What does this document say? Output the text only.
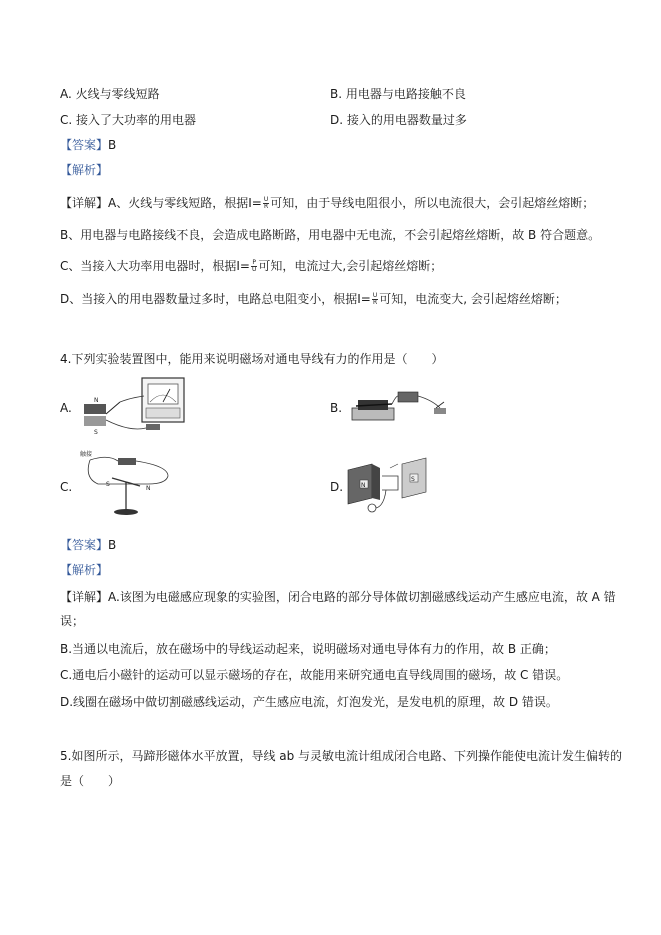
A. 火线与零线短路	B. 用电器与电路接触不良
C. 接入了大功率的用电器	D. 接入的用电器数量过多
【答案】B
【解析】
【详解】A、火线与零线短路，根据$I= \frac{U}{R}$ 可知，由于导线电阻很小，所以电流很大，会引起熔丝熔断；
B、用电器与电路接线不良，会造成电路断路，用电器中无电流，不会引起熔丝熔断，故 B 符合题意。
C、当接入大功率用电器时，根据$I= \frac{P}{U}$ 可知，电流过大,会引起熔丝熔断；
D、当接入的用电器数量过多时，电路总电阻变小，根据$I= \frac{U}{R}$ 可知，电流变大, 会引起熔丝熔断；
4.下列实验装置图中，能用来说明磁场对通电导线有力的作用是（　　）
A.
N
S
B.
C.
触接
S
N	D.	N
S
【答案】B
【解析】
【详解】A.该图为电磁感应现象的实验图，闭合电路的部分导体做切割磁感线运动产生感应电流，故 A 错
误；
B.当通以电流后，放在磁场中的导线运动起来，说明磁场对通电导体有力的作用，故 B 正确；
C.通电后小磁针的运动可以显示磁场的存在，故能用来研究通电直导线周围的磁场，故 C 错误。
D.线圈在磁场中做切割磁感线运动，产生感应电流，灯泡发光，是发电机的原理，故 D 错误。
5.如图所示，马蹄形磁体水平放置，导线 ab 与灵敏电流计组成闭合电路、下列操作能使电流计发生偏转的
是（　　）
